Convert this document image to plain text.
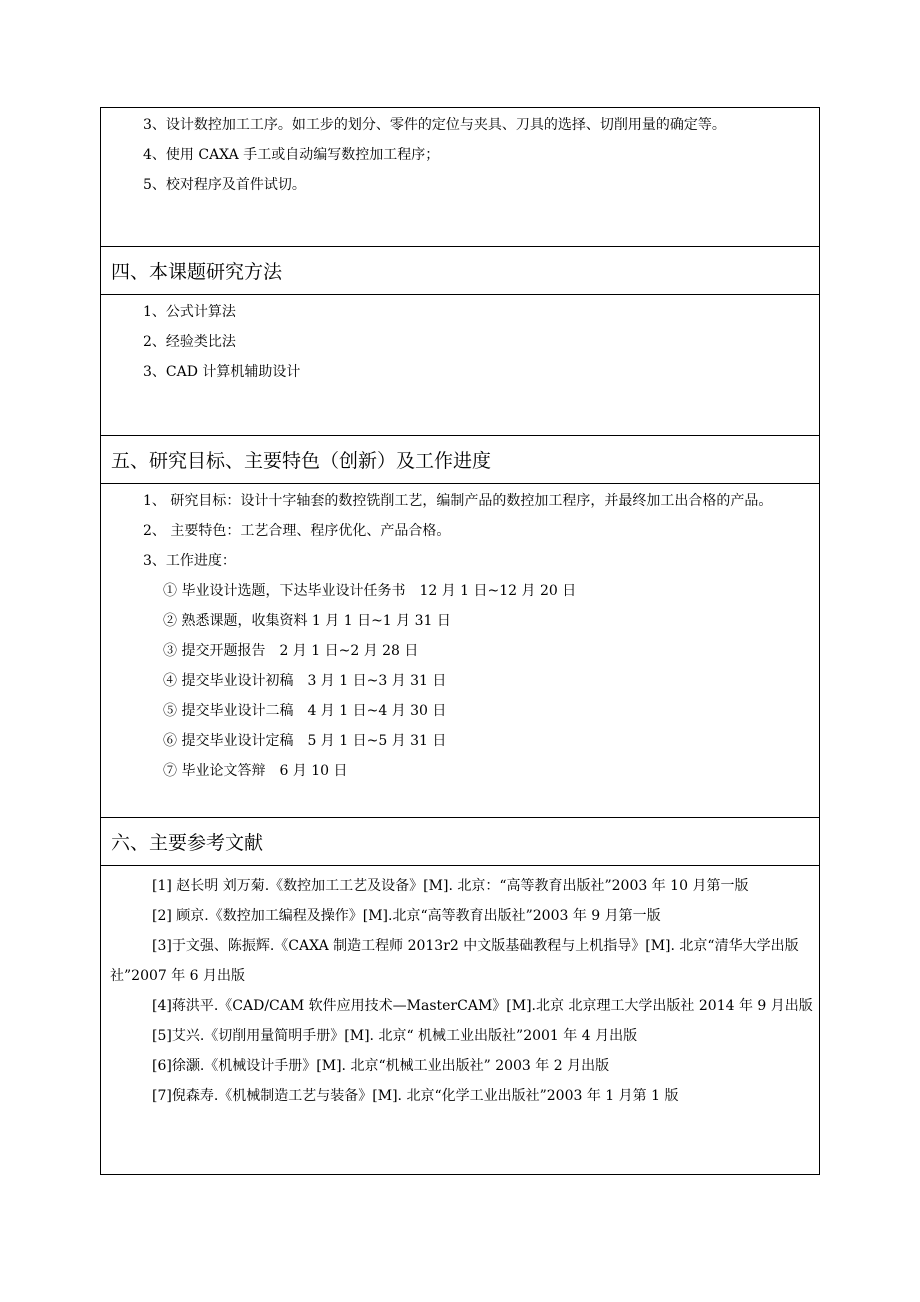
3、设计数控加工工序。如工步的划分、零件的定位与夹具、刀具的选择、切削用量的确定等。
4、使用 CAXA 手工或自动编写数控加工程序；
5、校对程序及首件试切。
四、本课题研究方法
1、公式计算法
2、经验类比法
3、CAD 计算机辅助设计
五、研究目标、主要特色（创新）及工作进度
1、 研究目标：设计十字轴套的数控铣削工艺，编制产品的数控加工程序，并最终加工出合格的产品。
2、 主要特色：工艺合理、程序优化、产品合格。
3、工作进度：
① 毕业设计选题，下达毕业设计任务书　12 月 1 日~12 月 20 日
② 熟悉课题，收集资料 1 月 1 日~1 月 31 日
③ 提交开题报告　2 月 1 日~2 月 28 日
④ 提交毕业设计初稿　3 月 1 日~3 月 31 日
⑤ 提交毕业设计二稿　4 月 1 日~4 月 30 日
⑥ 提交毕业设计定稿　5 月 1 日~5 月 31 日
⑦ 毕业论文答辩　6 月 10 日
六、主要参考文献
[1] 赵长明 刘万菊.《数控加工工艺及设备》[M]. 北京：“高等教育出版社”2003 年 10 月第一版
[2] 顾京.《数控加工编程及操作》[M].北京“高等教育出版社”2003 年 9 月第一版
[3]于文强、陈振辉.《CAXA 制造工程师 2013r2 中文版基础教程与上机指导》[M]. 北京“清华大学出版社”2007 年 6 月出版
[4]蒋洪平.《CAD/CAM 软件应用技术—MasterCAM》[M].北京 北京理工大学出版社 2014 年 9 月出版
[5]艾兴.《切削用量简明手册》[M]. 北京“ 机械工业出版社”2001 年 4 月出版
[6]徐灏.《机械设计手册》[M]. 北京“机械工业出版社” 2003 年 2 月出版
[7]倪森寿.《机械制造工艺与装备》[M]. 北京“化学工业出版社”2003 年 1 月第 1 版
